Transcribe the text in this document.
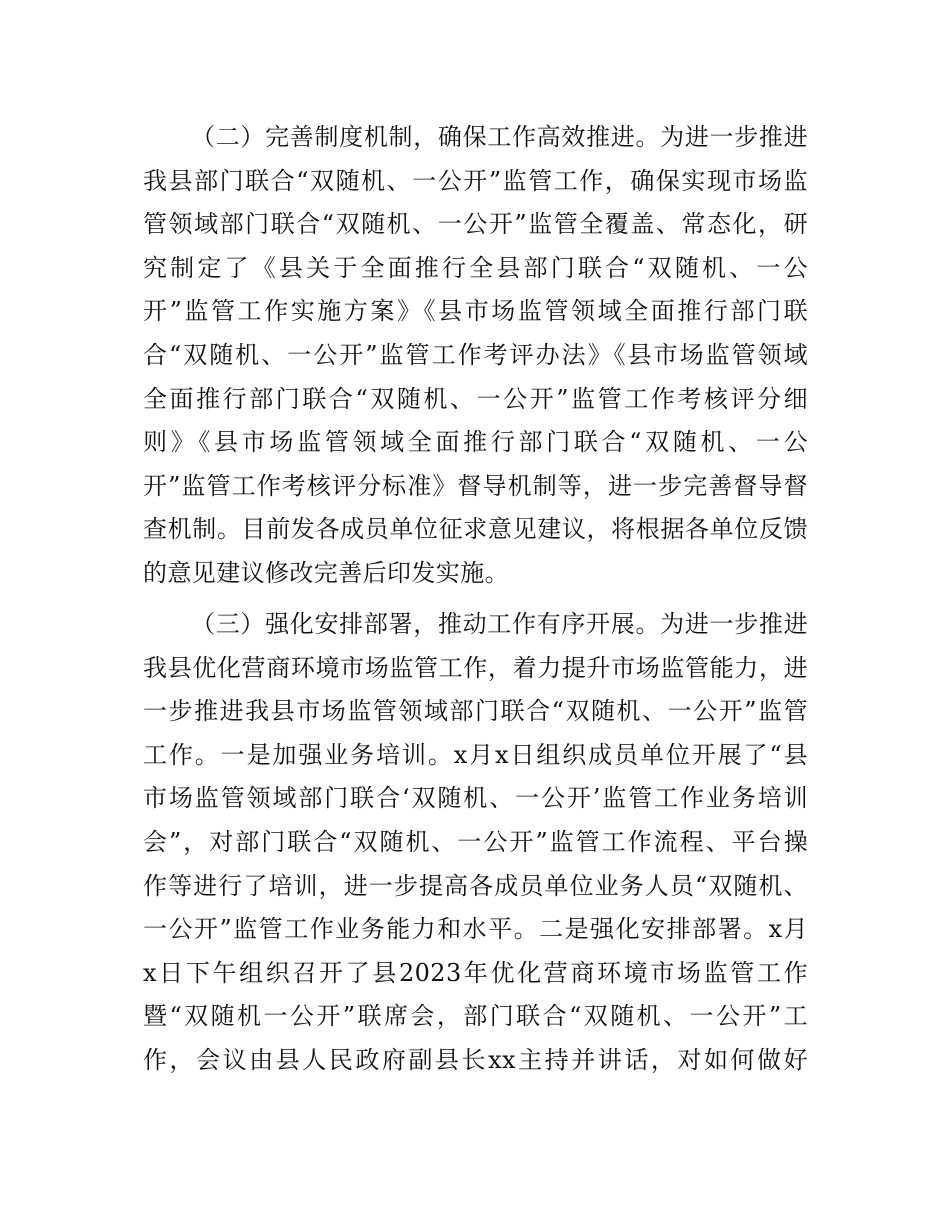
（二）完善制度机制，确保工作高效推进。为进一步推进
我县部门联合“双随机、一公开”监管工作，确保实现市场监
管领域部门联合“双随机、一公开”监管全覆盖、常态化，研
究制定了《县关于全面推行全县部门联合“双随机、一公
开”监管工作实施方案》《县市场监管领域全面推行部门联
合“双随机、一公开”监管工作考评办法》《县市场监管领域
全面推行部门联合“双随机、一公开”监管工作考核评分细
则》《县市场监管领域全面推行部门联合“双随机、一公
开”监管工作考核评分标准》督导机制等，进一步完善督导督
查机制。目前发各成员单位征求意见建议，将根据各单位反馈
的意见建议修改完善后印发实施。
（三）强化安排部署，推动工作有序开展。为进一步推进
我县优化营商环境市场监管工作，着力提升市场监管能力，进
一步推进我县市场监管领域部门联合“双随机、一公开”监管
工作。一是加强业务培训。x月x日组织成员单位开展了“县
市场监管领域部门联合‘双随机、一公开’监管工作业务培训
会”，对部门联合“双随机、一公开”监管工作流程、平台操
作等进行了培训，进一步提高各成员单位业务人员“双随机、
一公开”监管工作业务能力和水平。二是强化安排部署。x月
x日下午组织召开了县2023年优化营商环境市场监管工作
暨“双随机一公开”联席会，部门联合“双随机、一公开”工
作，会议由县人民政府副县长xx主持并讲话，对如何做好
